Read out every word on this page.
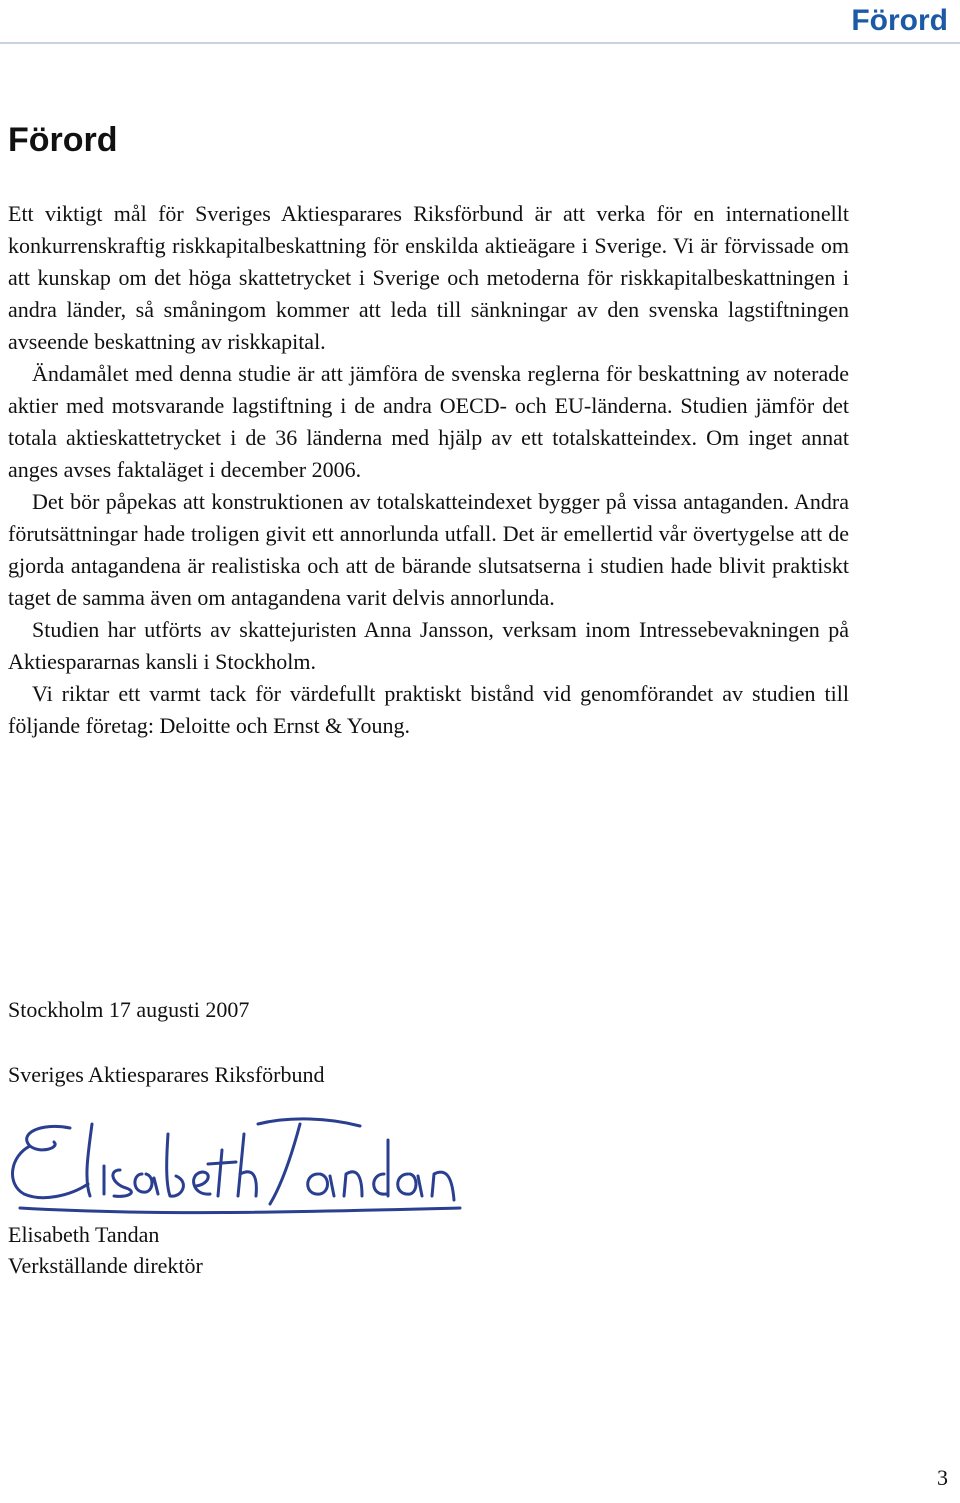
Förord
Förord

Ett viktigt mål för Sveriges Aktiesparares Riksförbund är att verka för en internationellt konkurrenskraftig riskkapitalbeskattning för enskilda aktieägare i Sverige. Vi är förvissade om att kunskap om det höga skattetrycket i Sverige och metoderna för riskkapitalbeskattningen i andra länder, så småningom kommer att leda till sänkningar av den svenska lagstiftningen avseende beskattning av riskkapital.

Ändamålet med denna studie är att jämföra de svenska reglerna för beskattning av noterade aktier med motsvarande lagstiftning i de andra OECD- och EU-länderna. Studien jämför det totala aktieskattetrycket i de 36 länderna med hjälp av ett totalskatteindex. Om inget annat anges avses faktaläget i december 2006.

Det bör påpekas att konstruktionen av totalskatteindexet bygger på vissa antaganden. Andra förutsättningar hade troligen givit ett annorlunda utfall. Det är emellertid vår övertygelse att de gjorda antagandena är realistiska och att de bärande slutsatserna i studien hade blivit praktiskt taget de samma även om antagandena varit delvis annorlunda.

Studien har utförts av skattejuristen Anna Jansson, verksam inom Intressebevakningen på Aktiespararnas kansli i Stockholm.

Vi riktar ett varmt tack för värdefullt praktiskt bistånd vid genomförandet av studien till följande företag: Deloitte och Ernst & Young.

Stockholm 17 augusti 2007
Sveriges Aktiesparares Riksförbund
Elisabeth Tandan
Verkställande direktör
3
